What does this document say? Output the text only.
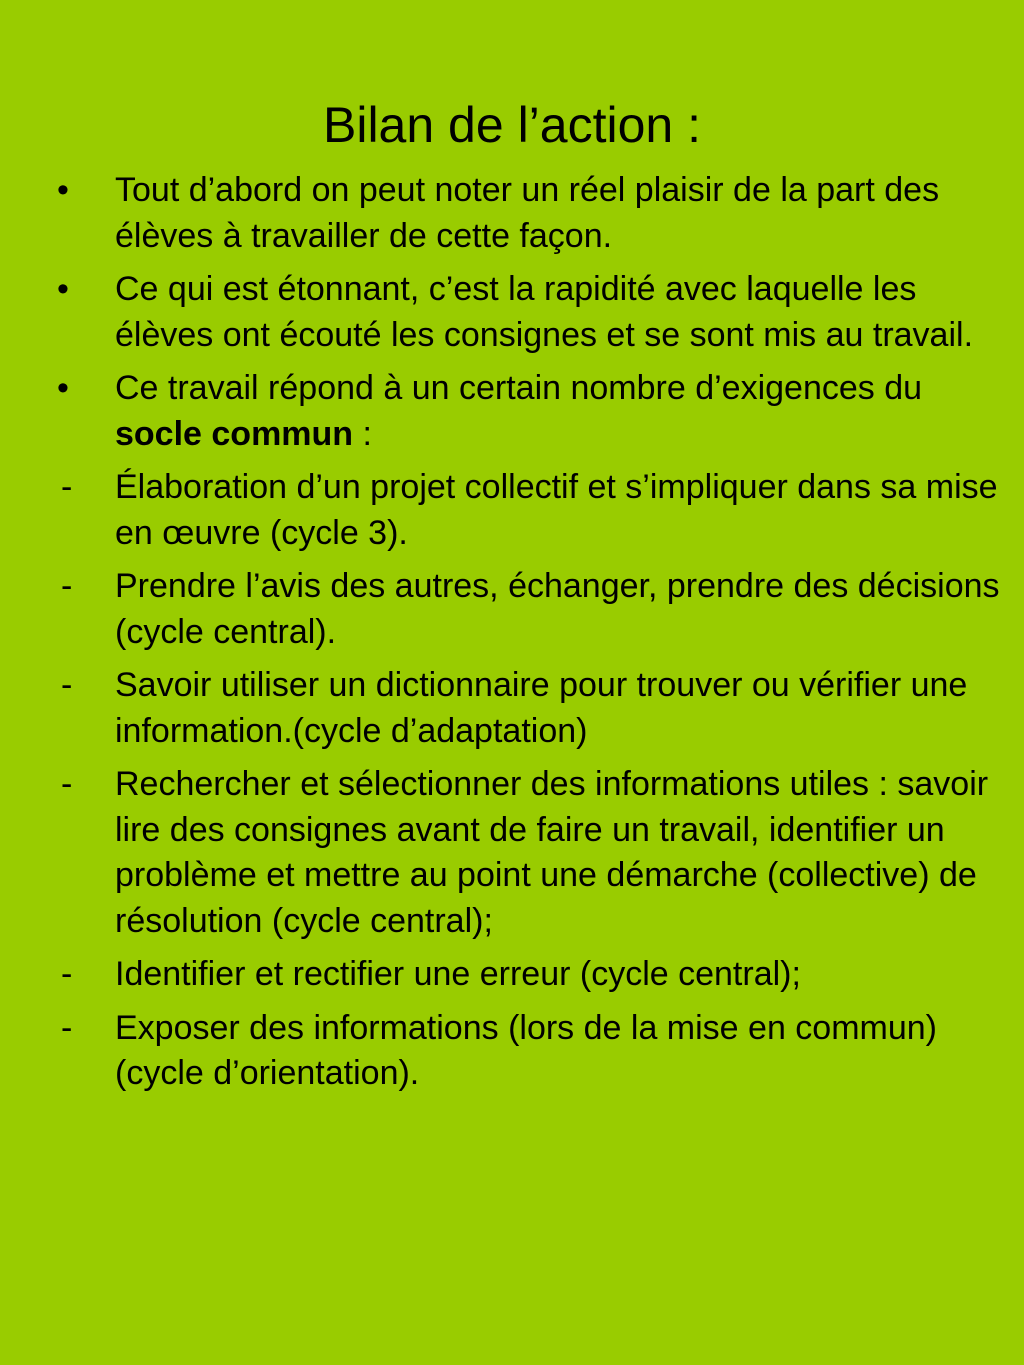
Bilan de l’action :
•	Tout d’abord on peut noter un réel plaisir de la part des élèves à travailler de cette façon.
•	Ce qui est étonnant, c’est la rapidité avec laquelle les élèves ont écouté les consignes et se sont mis au travail.
•	Ce travail répond à un certain nombre d’exigences du socle commun :
-	Élaboration d’un projet collectif et s’impliquer dans sa mise en œuvre (cycle 3).
-	Prendre l’avis des autres, échanger, prendre des décisions (cycle central).
-	Savoir utiliser un dictionnaire pour trouver ou vérifier une information.(cycle d’adaptation)
-	Rechercher et sélectionner des informations utiles : savoir lire des consignes avant de faire un travail, identifier un problème et mettre au point une démarche (collective) de résolution (cycle central);
-	Identifier et rectifier une erreur (cycle central);
-	Exposer des informations (lors de la mise en commun) (cycle d’orientation).
